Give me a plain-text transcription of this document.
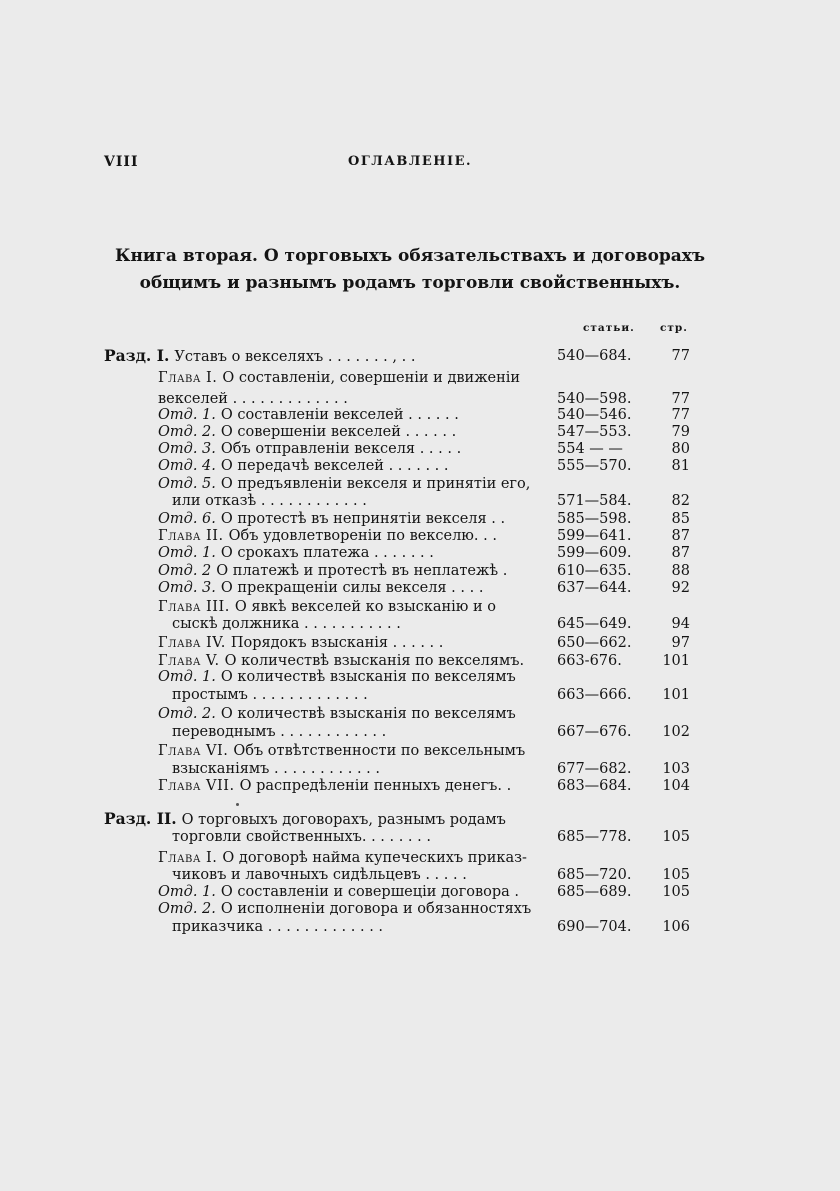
VIII	ОГЛАВЛЕНІЕ.
Книга вторая. О торговыхъ обязательствахъ и договорахъ
общимъ и разнымъ родамъ торговли свойственныхъ.
статьи. стр.
Разд. I. Уставъ о векселяхъ . . . . . . . , . .	540—684.	77
Глава I. О составленіи, совершеніи и движеніи
векселей . . . . . . . . . . . . .	540—598.	77
Отд. 1. О составленіи векселей . . . . . .	540—546.	77
Отд. 2. О совершеніи векселей . . . . . .	547—553.	79
Отд. 3. Объ отправленіи векселя . . . . .	554 — —	80
Отд. 4. О передачѣ векселей . . . . . . .	555—570.	81
Отд. 5. О предъявленіи векселя и принятіи его,
или отказѣ . . . . . . . . . . . .	571—584.	82
Отд. 6. О протестѣ въ непринятіи векселя . .	585—598.	85
Глава II. Объ удовлетвореніи по векселю. . .	599—641.	87
Отд. 1. О срокахъ платежа . . . . . . .	599—609.	87
Отд. 2 О платежѣ и протестѣ въ неплатежѣ .	610—635.	88
Отд. 3. О прекращеніи силы векселя . . . .	637—644.	92
Глава III. О явкѣ векселей ко взысканію и о
сыскѣ должника . . . . . . . . . . .	645—649.	94
Глава IV. Порядокъ взысканія . . . . . .	650—662.	97
Глава V. О количествѣ взысканія по векселямъ.	663-676.	101
Отд. 1. О количествѣ взысканія по векселямъ
простымъ . . . . . . . . . . . . .	663—666.	101
Отд. 2. О количествѣ взысканія по векселямъ
переводнымъ . . . . . . . . . . . .	667—676.	102
Глава VI. Объ отвѣтственности по вексельнымъ
взысканіямъ . . . . . . . . . . . .	677—682.	103
Глава VII. О распредѣленіи пенныхъ денегъ. .	683—684.	104
Разд. II. О торговыхъ договорахъ, разнымъ родамъ
торговли свойственныхъ. . . . . . . .	685—778.	105
Глава I. О договорѣ найма купеческихъ приказ-
чиковъ и лавочныхъ сидѣльцевъ . . . . .	685—720.	105
Отд. 1. О составленіи и совершеціи договора .	685—689.	105
Отд. 2. О исполненіи договора и обязанностяхъ
приказчика . . . . . . . . . . . . .	690—704.	106
